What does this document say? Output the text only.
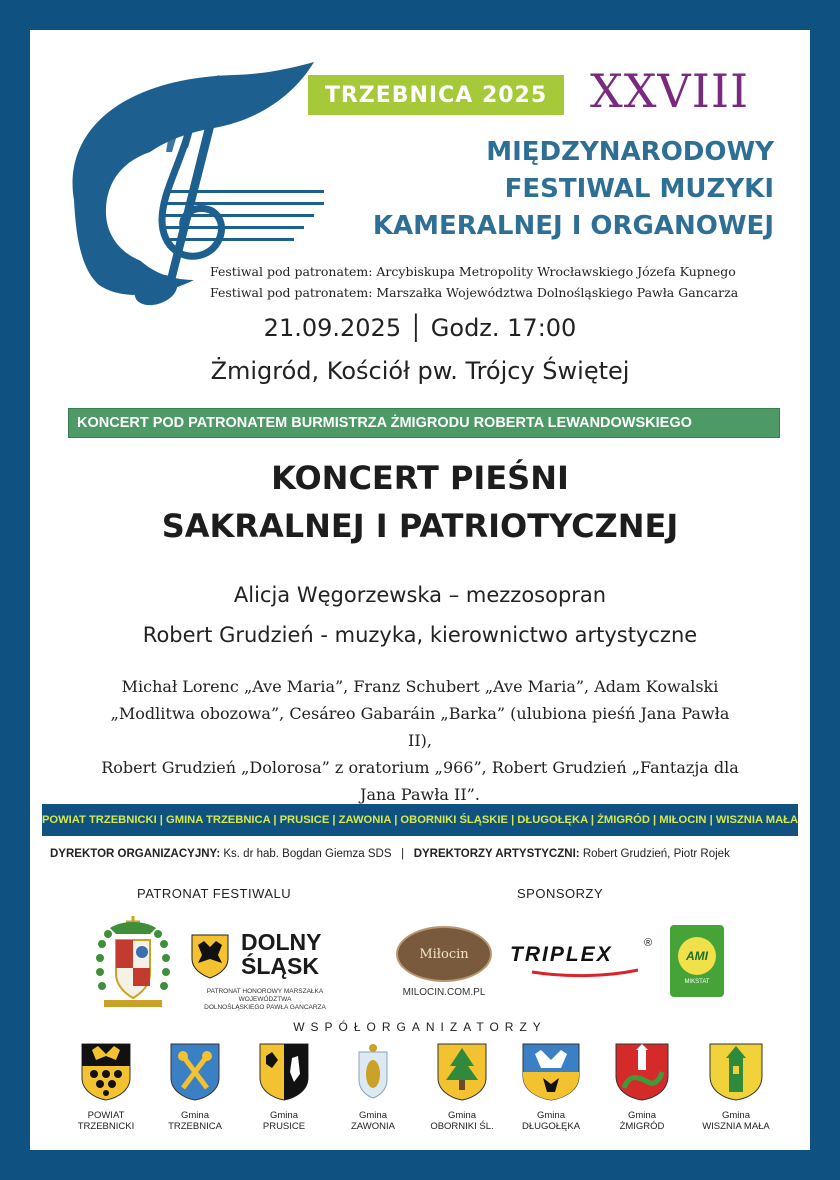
TRZEBNICA 2025 XXVIII
MIĘDZYNARODOWY
FESTIWAL MUZYKI
KAMERALNEJ I ORGANOWEJ
Festiwal pod patronatem: Arcybiskupa Metropolity Wrocławskiego Józefa Kupnego
Festiwal pod patronatem: Marszałka Województwa Dolnośląskiego Pawła Gancarza
21.09.2025 │ Godz. 17:00
Żmigród, Kościół pw. Trójcy Świętej
KONCERT POD PATRONATEM BURMISTRZA ŻMIGRODU ROBERTA LEWANDOWSKIEGO
KONCERT PIEŚNI
SAKRALNEJ I PATRIOTYCZNEJ
Alicja Węgorzewska – mezzosopran
Robert Grudzień - muzyka, kierownictwo artystyczne
Michał Lorenc „Ave Maria”, Franz Schubert „Ave Maria”, Adam Kowalski
„Modlitwa obozowa”, Cesáreo Gabaráin „Barka” (ulubiona pieśń Jana Pawła II),
Robert Grudzień „Dolorosa” z oratorium „966”, Robert Grudzień „Fantazja dla
Jana Pawła II”.
POWIAT TRZEBNICKI | GMINA TRZEBNICA | PRUSICE | ZAWONIA | OBORNIKI ŚLĄSKIE | DŁUGOŁĘKA | ŻMIGRÓD | MIŁOCIN | WISZNIA MAŁA
DYREKTOR ORGANIZACYJNY: Ks. dr hab. Bogdan Giemza SDS | DYREKTORZY ARTYSTYCZNI: Robert Grudzień, Piotr Rojek
PATRONAT FESTIWALU	SPONSORZY
DOLNY
ŚLĄSK
PATRONAT HONOROWY MARSZAŁKA WOJEWÓDZTWA
DOLNOŚLĄSKIEGO PAWŁA GANCARZA
Miłocin
MILOCIN.COM.PL
TRIPLEX	®
AMI
MIKSTAT
WSPÓŁORGANIZATORZY
POWIAT
TRZEBNICKI
Gmina
TRZEBNICA
Gmina
PRUSICE
Gmina
ZAWONIA
Gmina
OBORNIKI ŚL.
Gmina
DŁUGOŁĘKA
Gmina
ŻMIGRÓD
Gmina
WISZNIA MAŁA
